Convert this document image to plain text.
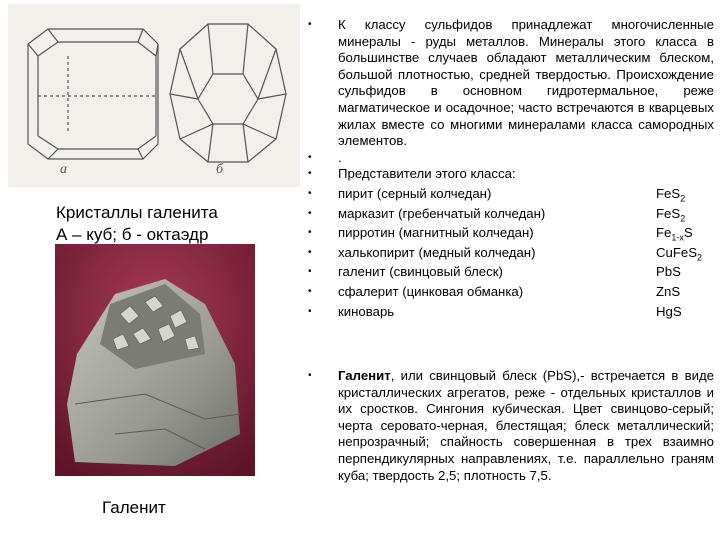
а	б
Кристаллы галенита
А – куб; б - октаэдр
Галенит
• К классу сульфидов принадлежат многочисленные минералы - руды металлов. Минералы этого класса в большинстве случаев обладают металлическим блеском, большой плотностью, средней твердостью. Происхождение сульфидов в основном гидротермальное, реже магматическое и осадочное; часто встречаются в кварцевых жилах вместе со многими минералами класса самородных элементов.
• .
• Представители этого класса:
• пирит (серный колчедан)	FeS$_2$
• марказит (гребенчатый колчедан)	FeS$_2$
• пирротин (магнитный колчедан)	$Fe_{1-x}S$
• халькопирит (медный колчедан)	CuFeS$_2$
• галенит (свинцовый блеск)	PbS
• сфалерит (цинковая обманка)	ZnS
• киноварь	HgS
• Галенит, или свинцовый блеск (PbS),- встречается в виде кристаллических агрегатов, реже - отдельных кристаллов и их сростков. Сингония кубическая. Цвет свинцово-серый; черта серовато-черная, блестящая; блеск металлический; непрозрачный; спайность совершенная в трех взаимно перпендикулярных направлениях, т.е. параллельно граням куба; твердость 2,5; плотность 7,5.
